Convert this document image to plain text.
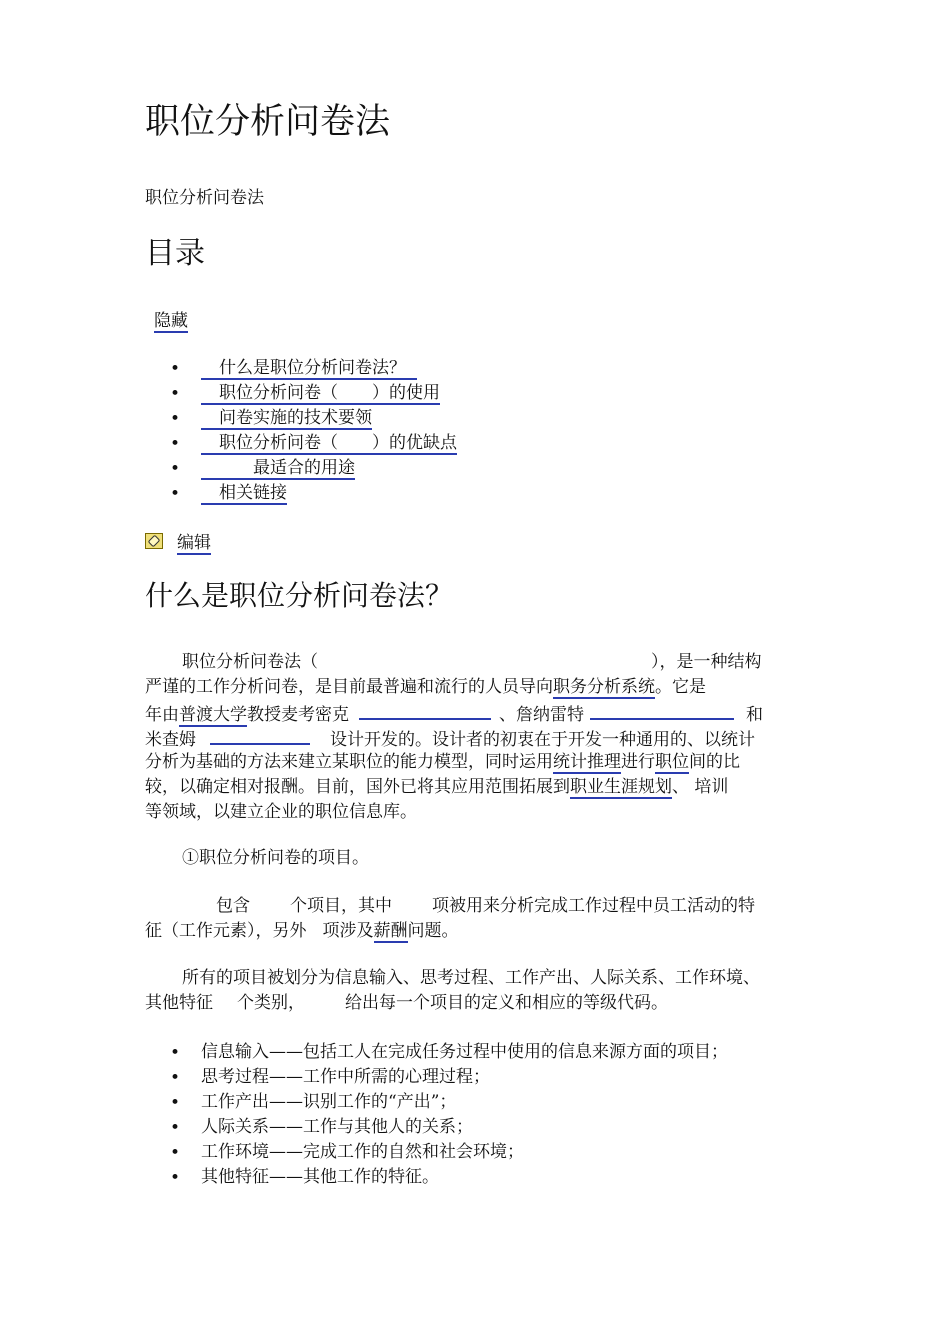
职位分析问卷法
职位分析问卷法
目录
隐藏
• 什么是职位分析问卷法？
• 职位分析问卷（　　）的使用
• 问卷实施的技术要领
• 职位分析问卷（　　）的优缺点
• 最适合的用途
• 相关链接
编辑
什么是职位分析问卷法？
职位分析问卷法（	），是一种结构
严谨的工作分析问卷，是目前最普遍和流行的人员导向职务分析系统。它是
年由普渡大学教授麦考密克	、詹纳雷特	和
米查姆	设计开发的。设计者的初衷在于开发一种通用的、以统计
分析为基础的方法来建立某职位的能力模型，同时运用统计推理进行职位间的比
较，以确定相对报酬。目前，国外已将其应用范围拓展到职业生涯规划、 培训
等领域，以建立企业的职位信息库。
①职位分析问卷的项目。
包含 个项目，其中 项被用来分析完成工作过程中员工活动的特
征（工作元素），另外 项涉及薪酬问题。
所有的项目被划分为信息输入、思考过程、工作产出、人际关系、工作环境、
其他特征 个类别， 给出每一个项目的定义和相应的等级代码。
• 信息输入——包括工人在完成任务过程中使用的信息来源方面的项目；
• 思考过程——工作中所需的心理过程；
• 工作产出——识别工作的“产出”；
• 人际关系——工作与其他人的关系；
• 工作环境——完成工作的自然和社会环境；
• 其他特征——其他工作的特征。
